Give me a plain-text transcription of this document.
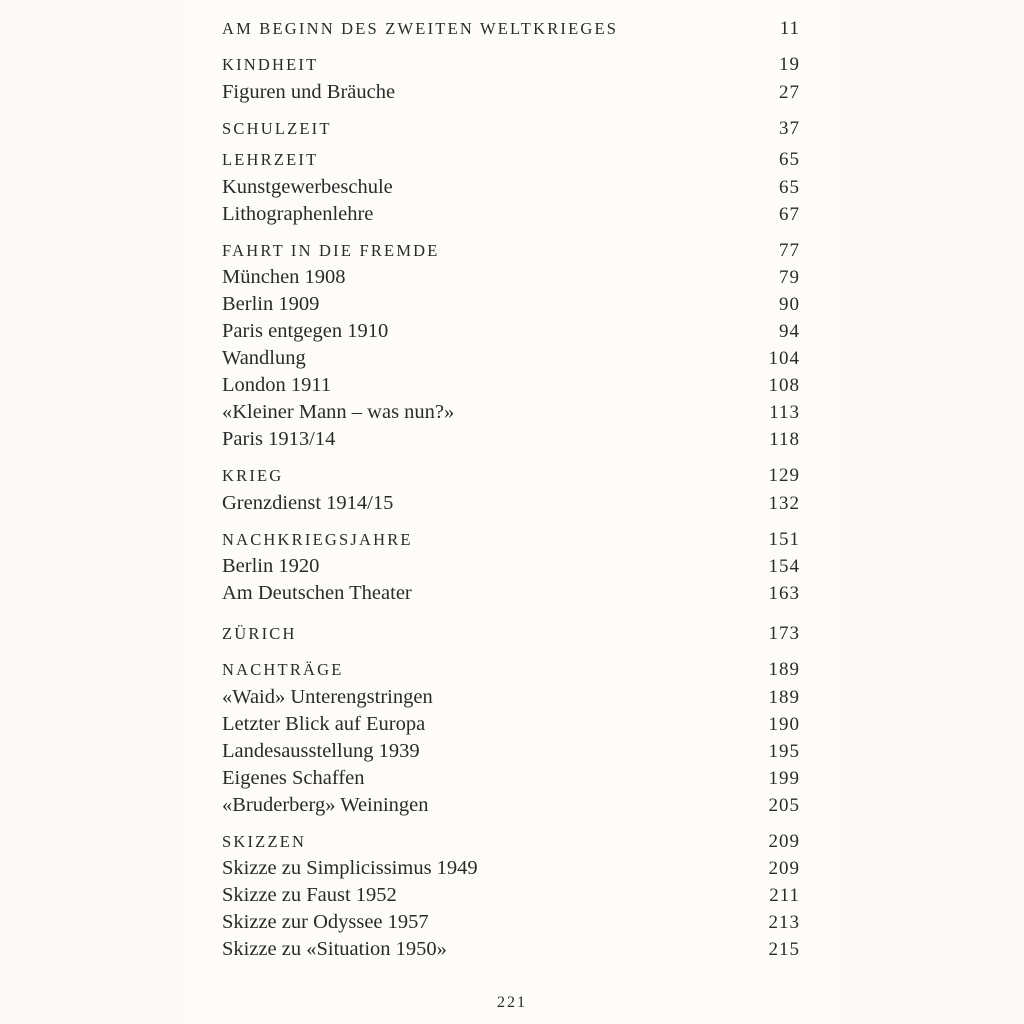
AM BEGINN DES ZWEITEN WELTKRIEGES	11
KINDHEIT	19
Figuren und Bräuche	27
SCHULZEIT	37
LEHRZEIT	65
Kunstgewerbeschule	65
Lithographenlehre	67
FAHRT IN DIE FREMDE	77
München 1908	79
Berlin 1909	90
Paris entgegen 1910	94
Wandlung	104
London 1911	108
«Kleiner Mann – was nun?»	113
Paris 1913/14	118
KRIEG	129
Grenzdienst 1914/15	132
NACHKRIEGSJAHRE	151
Berlin 1920	154
Am Deutschen Theater	163
ZÜRICH	173
NACHTRÄGE	189
«Waid» Unterengstringen	189
Letzter Blick auf Europa	190
Landesausstellung 1939	195
Eigenes Schaffen	199
«Bruderberg» Weiningen	205
SKIZZEN	209
Skizze zu Simplicissimus 1949	209
Skizze zu Faust 1952	211
Skizze zur Odyssee 1957	213
Skizze zu «Situation 1950»	215
221
